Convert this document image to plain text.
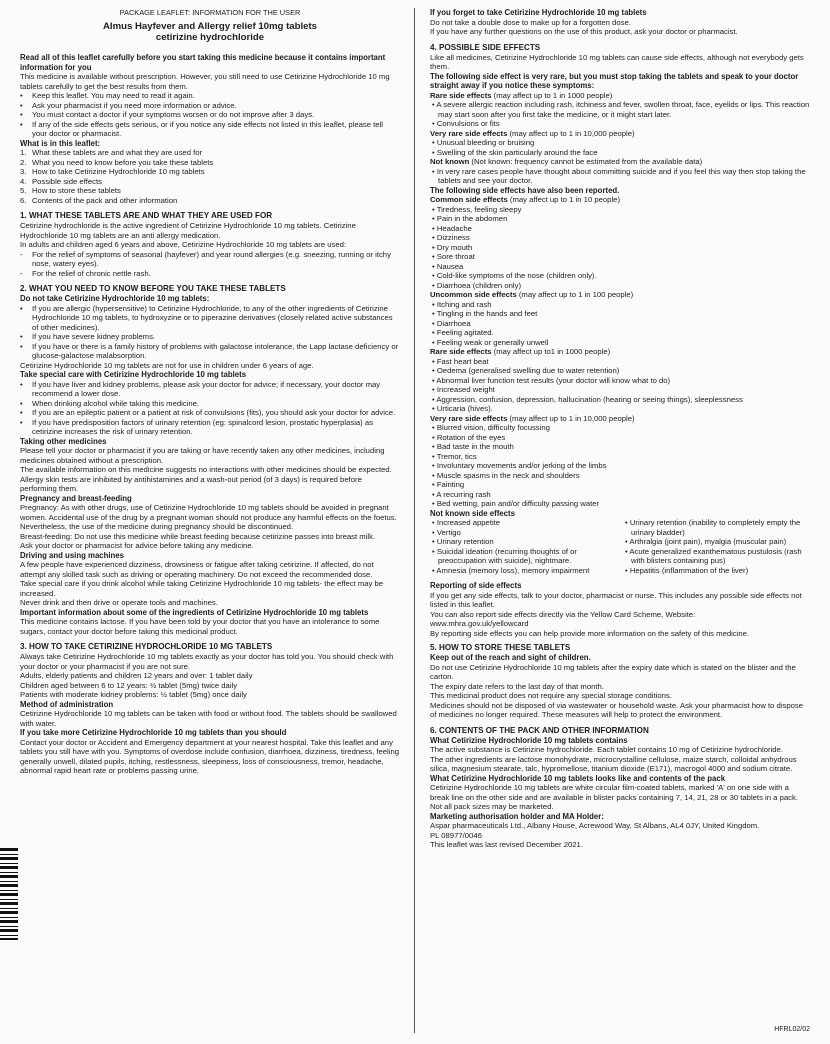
PACKAGE LEAFLET: INFORMATION FOR THE USER
Almus Hayfever and Allergy relief 10mg tablets
cetirizine hydrochloride

Read all of this leaflet carefully before you start taking this medicine because it contains important information for you

This medicine is available without prescription. However, you still need to use Cetirizine Hydrochloride 10 mg tablets carefully to get the best results from them.

• Keep this leaflet. You may need to read it again.
• Ask your pharmacist if you need more information or advice.
• You must contact a doctor if your symptoms worsen or do not improve after 3 days.
• If any of the side effects gets serious, or if you notice any side effects not listed in this leaflet, please tell your doctor or pharmacist.

What is in this leaflet:

1. What these tablets are and what they are used for
2. What you need to know before you take these tablets
3. How to take Cetirizine Hydrochloride 10 mg tablets
4. Possible side effects
5. How to store these tablets
6. Contents of the pack and other information

1. WHAT THESE TABLETS ARE AND WHAT THEY ARE USED FOR

Cetirizine hydrochloride is the active ingredient of Cetirizine Hydrochloride 10 mg tablets. Cetirizine Hydrochloride 10 mg tablets are an anti allergy medication.

In adults and children aged 6 years and above, Cetirizine Hydrochloride 10 mg tablets are used:

- For the relief of symptoms of seasonal (hayfever) and year round allergies (e.g. sneezing, running or itchy nose, watery eyes).
- For the relief of chronic nettle rash.

2. WHAT YOU NEED TO KNOW BEFORE YOU TAKE THESE TABLETS

Do not take Cetirizine Hydrochloride 10 mg tablets:

• If you are allergic (hypersensitive) to Cetirizine Hydrochloride, to any of the other ingredients of Cetirizine Hydrochloride 10 mg tablets, to hydroxyzine or to piperazine derivatives (closely related active substances of other medicines).
• If you have severe kidney problems.
• If you have or there is a family history of problems with galactose intolerance, the Lapp lactase deficiency or glucose-galactose malabsorption.

Cetirizine Hydrochloride 10 mg tablets are not for use in children under 6 years of age.

Take special care with Cetirizine Hydrochloride 10 mg tablets

• If you have liver and kidney problems, please ask your doctor for advice; if necessary, your doctor may recommend a lower dose.
• When drinking alcohol while taking this medicine.
• If you are an epileptic patient or a patient at risk of convulsions (fits), you should ask your doctor for advice.
• If you have predisposition factors of urinary retention (eg: spinalcord lesion, prostatic hyperplasia) as cetirizine increases the risk of urinary retention.

Taking other medicines

Please tell your doctor or pharmacist if you are taking or have recently taken any other medicines, including medicines obtained without a prescription.

The available information on this medicine suggests no interactions with other medicines should be expected.

Allergy skin tests are inhibited by antihistamines and a wash-out period (of 3 days) is required before performing them.

Pregnancy and breast-feeding

Pregnancy: As with other drugs, use of Cetirizine Hydrochloride 10 mg tablets should be avoided in pregnant women. Accidental use of the drug by a pregnant woman should not produce any harmful effects on the foetus. Nevertheless, the use of the medicine during pregnancy should be discontinued.

Breast-feeding: Do not use this medicine while breast feeding because cetirizine passes into breast milk.

Ask your doctor or pharmacist for advice before taking any medicine.

Driving and using machines

A few people have experienced dizziness, drowsiness or fatigue after taking cetirizine. If affected, do not attempt any skilled task such as driving or operating machinery. Do not exceed the recommended dose.

Take special care if you drink alcohol while taking Cetirizine Hydrochloride 10 mg tablets- the effect may be increased.

Never drink and then drive or operate tools and machines.

Important information about some of the ingredients of Cetirizine Hydrochloride 10 mg tablets

This medicine contains lactose. If you have been told by your doctor that you have an intolerance to some sugars, contact your doctor before taking this medicinal product.

3. HOW TO TAKE CETIRIZINE HYDROCHLORIDE 10 MG TABLETS

Always take Cetirizine Hydrochloride 10 mg tablets exactly as your doctor has told you. You should check with your doctor or your pharmacist if you are not sure.

Adults, elderly patients and children 12 years and over: 1 tablet daily

Children aged between 6 to 12 years: ½ tablet (5mg) twice daily

Patients with moderate kidney problems: ½ tablet (5mg) once daily

Method of administration

Cetirizine Hydrochloride 10 mg tablets can be taken with food or without food. The tablets should be swallowed with water.

If you take more Cetirizine Hydrochloride 10 mg tablets than you should

Contact your doctor or Accident and Emergency department at your nearest hospital. Take this leaflet and any tablets you still have with you. Symptoms of overdose include confusion, diarrhoea, dizziness, tiredness, feeling generally unwell, dilated pupils, itching, restlessness, sleepiness, loss of consciousness, tremor, headache, abnormal rapid heart rate or problems passing urine.

If you forget to take Cetirizine Hydrochloride 10 mg tablets

Do not take a double dose to make up for a forgotten dose.

If you have any further questions on the use of this product, ask your doctor or pharmacist.

4. POSSIBLE SIDE EFFECTS

Like all medicines, Cetirizine Hydrochloride 10 mg tablets can cause side effects, although not everybody gets them.

The following side effect is very rare, but you must stop taking the tablets and speak to your doctor straight away if you notice these symptoms:

Rare side effects (may affect up to 1 in 1000 people)

• A severe allergic reaction including rash, itchiness and fever, swollen throat, face, eyelids or lips. This reaction may start soon after you first take the medicine, or it might start later.
• Convulsions or fits

Very rare side effects (may affect up to 1 in 10,000 people)

• Unusual bleeding or bruising
• Swelling of the skin particularly around the face

Not known (Not known: frequency cannot be estimated from the available data)

• In very rare cases people have thought about committing suicide and if you feel this way then stop taking the tablets and see your doctor.

The following side effects have also been reported.

Common side effects (may affect up to 1 in 10 people)

• Tiredness, feeling sleepy
• Pain in the abdomen
• Headache
• Dizziness
• Dry mouth
• Sore throat
• Nausea
• Cold-like symptoms of the nose (children only).
• Diarrhoea (children only)

Uncommon side effects (may affect up to 1 in 100 people)

• Itching and rash
• Tingling in the hands and feet
• Diarrhoea
• Feeling agitated.
• Feeling weak or generally unwell

Rare side effects (may affect up to1 in 1000 people)

• Fast heart beat
• Oedema (generalised swelling due to water retention)
• Abnormal liver function test results (your doctor will know what to do)
• Increased weight
• Aggression, confusion, depression, hallucination (hearing or seeing things), sleeplessness
• Urticaria (hives).

Very rare side effects (may affect up to 1 in 10,000 people)

• Blurred vision, difficulty focussing
• Rotation of the eyes
• Bad taste in the mouth
• Tremor, tics
• Involuntary movements and/or jerking of the limbs
• Muscle spasms in the neck and shoulders
• Fainting
• A recurring rash
• Bed wetting, pain and/or difficulty passing water

Not known side effects

• Increased appetite
• Vertigo
• Urinary retention
• Suicidal ideation (recurring thoughts of or preoccupation with suicide), nightmare.
• Amnesia (memory loss), memory impairment
• Urinary retention (inability to completely empty the urinary bladder)
• Arthralgia (joint pain), myalgia (muscular pain)
• Acute generalized exanthematous pustulosis (rash with blisters containing pus)
• Hepatitis (inflammation of the liver)

Reporting of side effects

If you get any side effects, talk to your doctor, pharmacist or nurse. This includes any possible side effects not listed in this leaflet.

You can also report side effects directly via the Yellow Card Scheme, Website:

www.mhra.gov.uk/yellowcard

By reporting side effects you can help provide more information on the safety of this medicine.

5. HOW TO STORE THESE TABLETS

Keep out of the reach and sight of children.

Do not use Cetirizine Hydrochloride 10 mg tablets after the expiry date which is stated on the blister and the carton.

The expiry date refers to the last day of that month.

This medicinal product does not require any special storage conditions.

Medicines should not be disposed of via wastewater or household waste. Ask your pharmacist how to dispose of medicines no longer required. These measures will help to protect the environment.

6. CONTENTS OF THE PACK AND OTHER INFORMATION

What Cetirizine Hydrochloride 10 mg tablets contains

The active substance is Cetirizine hydrochloride. Each tablet contains 10 mg of Cetirizine hydrochloride.

The other ingredients are lactose monohydrate, microcrystalline cellulose, maize starch, colloidal anhydrous silica, magnesium stearate, talc, hypromellose, titanium dioxide (E171), macrogol 4000 and sodium citrate.

What Cetirizine Hydrochloride 10 mg tablets looks like and contents of the pack

Cetirizine Hydrochloride 10 mg tablets are white circular film-coated tablets, marked 'A' on one side with a break line on the other side and are available in blister packs containing 7, 14, 21, 28 or 30 tablets in a pack. Not all pack sizes may be marketed.

Marketing authorisation holder and MA Holder:

Aspar pharmaceuticals Ltd., Albany House, Acrewood Way, St Albans, AL4 0JY, United Kingdom.

PL 08977/0046

This leaflet was last revised December 2021.

HFRL02/02
